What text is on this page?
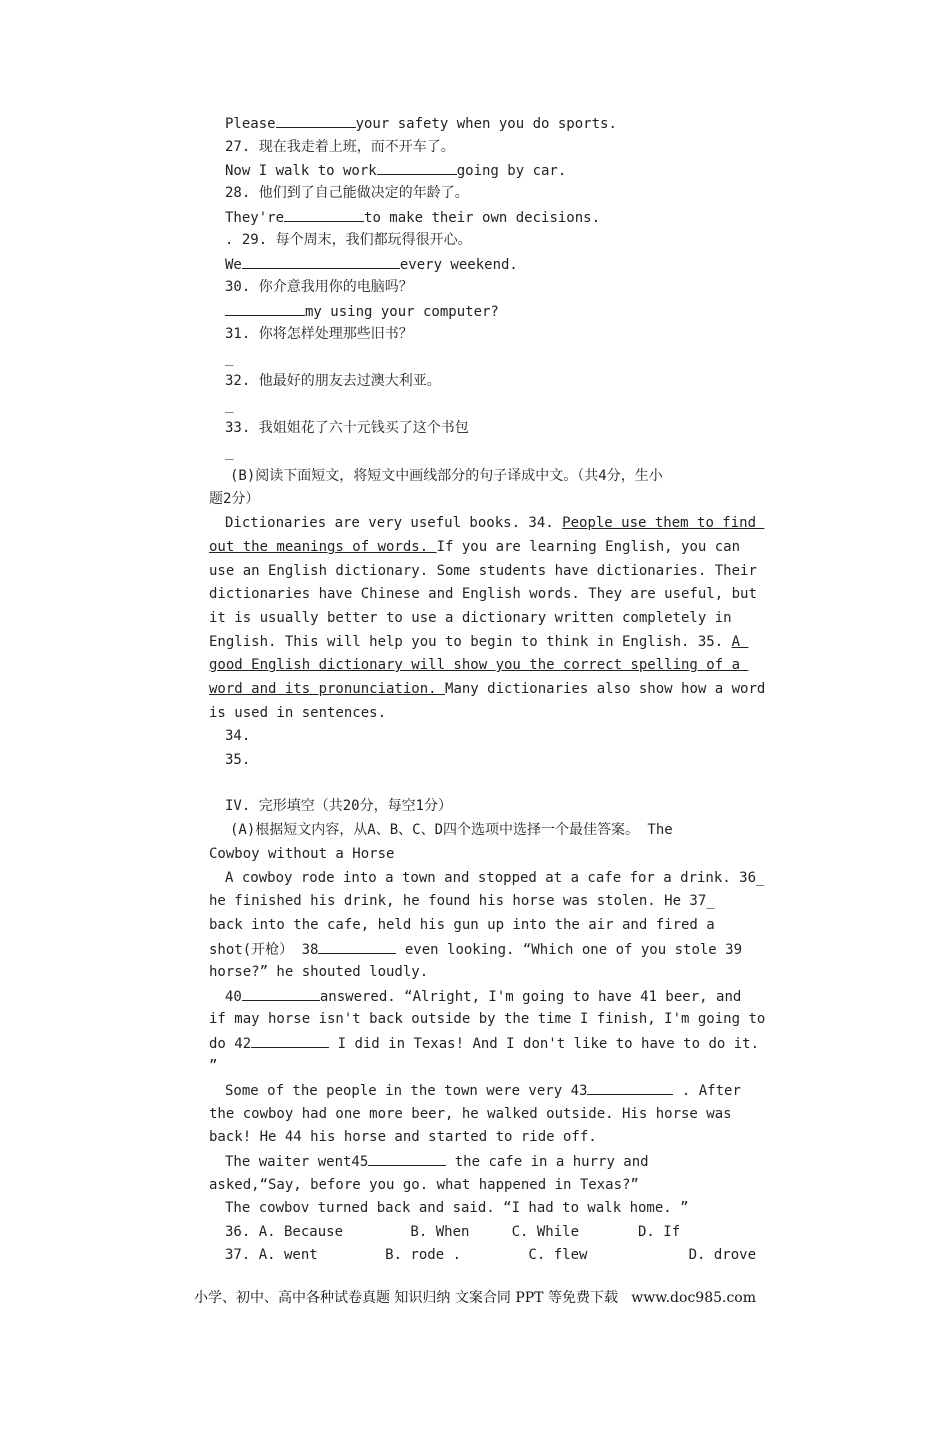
Please	your safety when you do sports.
27. 现在我走着上班，而不开车了。
Now I walk to work	going by car.
28. 他们到了自己能做决定的年龄了。
They're	to make their own decisions.
. 29. 每个周末，我们都玩得很开心。
We	every weekend.
30. 你介意我用你的电脑吗？
my using your computer?
31. 你将怎样处理那些旧书？
_
32. 他最好的朋友去过澳大利亚。
_
33. 我姐姐花了六十元钱买了这个书包
_
(B)阅读下面短文，将短文中画线部分的句子译成中文。（共4分，生小
题2分）
Dictionaries are very useful books. 34. People use them to find
out the meanings of words. If you are learning English, you can
use an English dictionary. Some students have dictionaries. Their
dictionaries have Chinese and English words. They are useful, but
it is usually better to use a dictionary written completely in
English. This will help you to begin to think in English. 35. A
good English dictionary will show you the correct spelling of a
word and its pronunciation. Many dictionaries also show how a word
is used in sentences.
34.
35.
IV. 完形填空（共20分，每空1分）
(A)根据短文内容，从A、B、C、D四个选项中选择一个最佳答案。 The
Cowboy without a Horse
A cowboy rode into a town and stopped at a cafe for a drink. 36_
he finished his drink, he found his horse was stolen. He 37_
back into the cafe, held his gun up into the air and fired a
shot(开枪） 38	even looking. “Which one of you stole 39
horse?” he shouted loudly.
40	answered. “Alright, I'm going to have 41 beer, and
if may horse isn't back outside by the time I finish, I'm going to
do 42	I did in Texas! And I don't like to have to do it.
”
Some of the people in the town were very 43	. After
the cowboy had one more beer, he walked outside. His horse was
back! He 44 his horse and started to ride off.
The waiter went45	the cafe in a hurry and
asked,“Say, before you go. what happened in Texas?”
The cowbov turned back and said. “I had to walk home. ”
36. A. Because        B. When     C. While       D. If
37. A. went        B. rode .        C. flew            D. drove
小学、初中、高中各种试卷真题 知识归纳 文案合同 PPT 等免费下载   www.doc985.com
